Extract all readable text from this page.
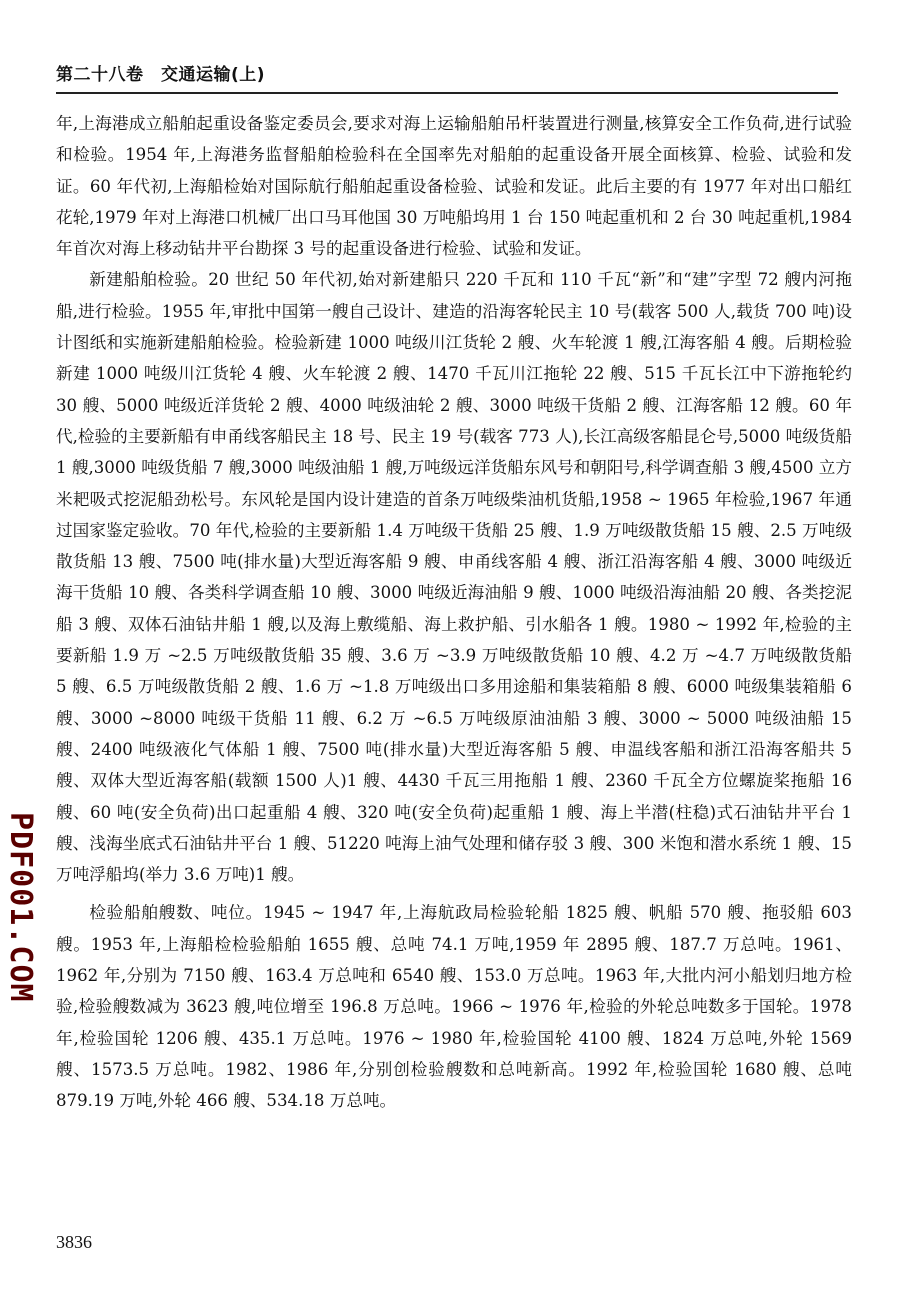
第二十八卷　交通运输(上)

年,上海港成立船舶起重设备鉴定委员会,要求对海上运输船舶吊杆装置进行测量,核算安全工作负荷,进行试验和检验。1954 年,上海港务监督船舶检验科在全国率先对船舶的起重设备开展全面核算、检验、试验和发证。60 年代初,上海船检始对国际航行船舶起重设备检验、试验和发证。此后主要的有 1977 年对出口船红花轮,1979 年对上海港口机械厂出口马耳他国 30 万吨船坞用 1 台 150 吨起重机和 2 台 30 吨起重机,1984 年首次对海上移动钻井平台勘探 3 号的起重设备进行检验、试验和发证。

新建船舶检验。20 世纪 50 年代初,始对新建船只 220 千瓦和 110 千瓦“新”和“建”字型 72 艘内河拖船,进行检验。1955 年,审批中国第一艘自己设计、建造的沿海客轮民主 10 号(载客 500 人,载货 700 吨)设计图纸和实施新建船舶检验。检验新建 1000 吨级川江货轮 2 艘、火车轮渡 1 艘,江海客船 4 艘。后期检验新建 1000 吨级川江货轮 4 艘、火车轮渡 2 艘、1470 千瓦川江拖轮 22 艘、515 千瓦长江中下游拖轮约 30 艘、5000 吨级近洋货轮 2 艘、4000 吨级油轮 2 艘、3000 吨级干货船 2 艘、江海客船 12 艘。60 年代,检验的主要新船有申甬线客船民主 18 号、民主 19 号(载客 773 人),长江高级客船昆仑号,5000 吨级货船 1 艘,3000 吨级货船 7 艘,3000 吨级油船 1 艘,万吨级远洋货船东风号和朝阳号,科学调查船 3 艘,4500 立方米耙吸式挖泥船劲松号。东风轮是国内设计建造的首条万吨级柴油机货船,1958 ~ 1965 年检验,1967 年通过国家鉴定验收。70 年代,检验的主要新船 1.4 万吨级干货船 25 艘、1.9 万吨级散货船 15 艘、2.5 万吨级散货船 13 艘、7500 吨(排水量)大型近海客船 9 艘、申甬线客船 4 艘、浙江沿海客船 4 艘、3000 吨级近海干货船 10 艘、各类科学调查船 10 艘、3000 吨级近海油船 9 艘、1000 吨级沿海油船 20 艘、各类挖泥船 3 艘、双体石油钻井船 1 艘,以及海上敷缆船、海上救护船、引水船各 1 艘。1980 ~ 1992 年,检验的主要新船 1.9 万 ~2.5 万吨级散货船 35 艘、3.6 万 ~3.9 万吨级散货船 10 艘、4.2 万 ~4.7 万吨级散货船 5 艘、6.5 万吨级散货船 2 艘、1.6 万 ~1.8 万吨级出口多用途船和集装箱船 8 艘、6000 吨级集装箱船 6 艘、3000 ~8000 吨级干货船 11 艘、6.2 万 ~6.5 万吨级原油油船 3 艘、3000 ~ 5000 吨级油船 15 艘、2400 吨级液化气体船 1 艘、7500 吨(排水量)大型近海客船 5 艘、申温线客船和浙江沿海客船共 5 艘、双体大型近海客船(载额 1500 人)1 艘、4430 千瓦三用拖船 1 艘、2360 千瓦全方位螺旋桨拖船 16 艘、60 吨(安全负荷)出口起重船 4 艘、320 吨(安全负荷)起重船 1 艘、海上半潜(柱稳)式石油钻井平台 1 艘、浅海坐底式石油钻井平台 1 艘、51220 吨海上油气处理和储存驳 3 艘、300 米饱和潜水系统 1 艘、15 万吨浮船坞(举力 3.6 万吨)1 艘。

检验船舶艘数、吨位。1945 ~ 1947 年,上海航政局检验轮船 1825 艘、帆船 570 艘、拖驳船 603 艘。1953 年,上海船检检验船舶 1655 艘、总吨 74.1 万吨,1959 年 2895 艘、187.7 万总吨。1961、1962 年,分别为 7150 艘、163.4 万总吨和 6540 艘、153.0 万总吨。1963 年,大批内河小船划归地方检验,检验艘数减为 3623 艘,吨位增至 196.8 万总吨。1966 ~ 1976 年,检验的外轮总吨数多于国轮。1978 年,检验国轮 1206 艘、435.1 万总吨。1976 ~ 1980 年,检验国轮 4100 艘、1824 万总吨,外轮 1569 艘、1573.5 万总吨。1982、1986 年,分别创检验艘数和总吨新高。1992 年,检验国轮 1680 艘、总吨 879.19 万吨,外轮 466 艘、534.18 万总吨。

PDF001.COM
3836
